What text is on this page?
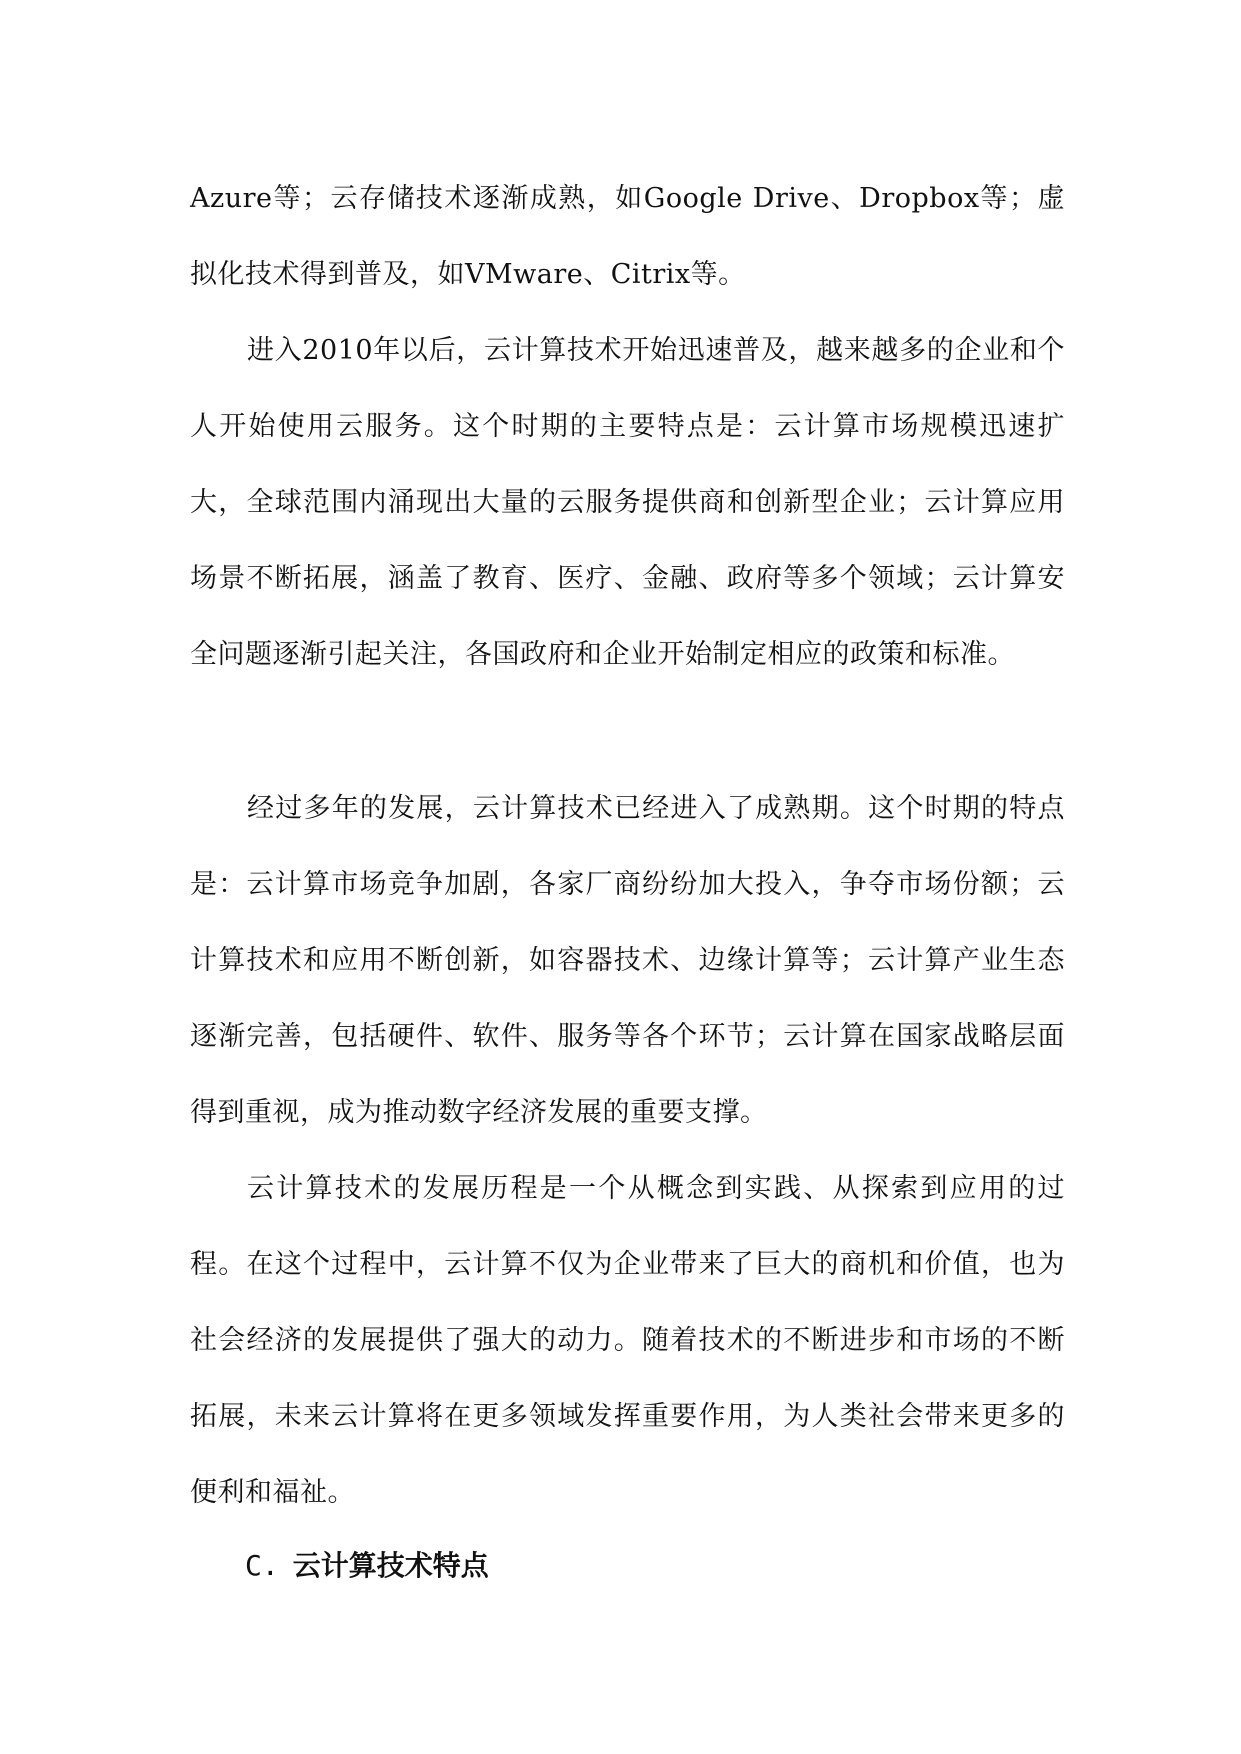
Azure等；云存储技术逐渐成熟，如Google Drive、Dropbox等；虚拟化技术得到普及，如VMware、Citrix等。

进入2010年以后，云计算技术开始迅速普及，越来越多的企业和个人开始使用云服务。这个时期的主要特点是：云计算市场规模迅速扩大，全球范围内涌现出大量的云服务提供商和创新型企业；云计算应用场景不断拓展，涵盖了教育、医疗、金融、政府等多个领域；云计算安全问题逐渐引起关注，各国政府和企业开始制定相应的政策和标准。

经过多年的发展，云计算技术已经进入了成熟期。这个时期的特点是：云计算市场竞争加剧，各家厂商纷纷加大投入，争夺市场份额；云计算技术和应用不断创新，如容器技术、边缘计算等；云计算产业生态逐渐完善，包括硬件、软件、服务等各个环节；云计算在国家战略层面得到重视，成为推动数字经济发展的重要支撑。

云计算技术的发展历程是一个从概念到实践、从探索到应用的过程。在这个过程中，云计算不仅为企业带来了巨大的商机和价值，也为社会经济的发展提供了强大的动力。随着技术的不断进步和市场的不断拓展，未来云计算将在更多领域发挥重要作用，为人类社会带来更多的便利和福祉。

C. 云计算技术特点
